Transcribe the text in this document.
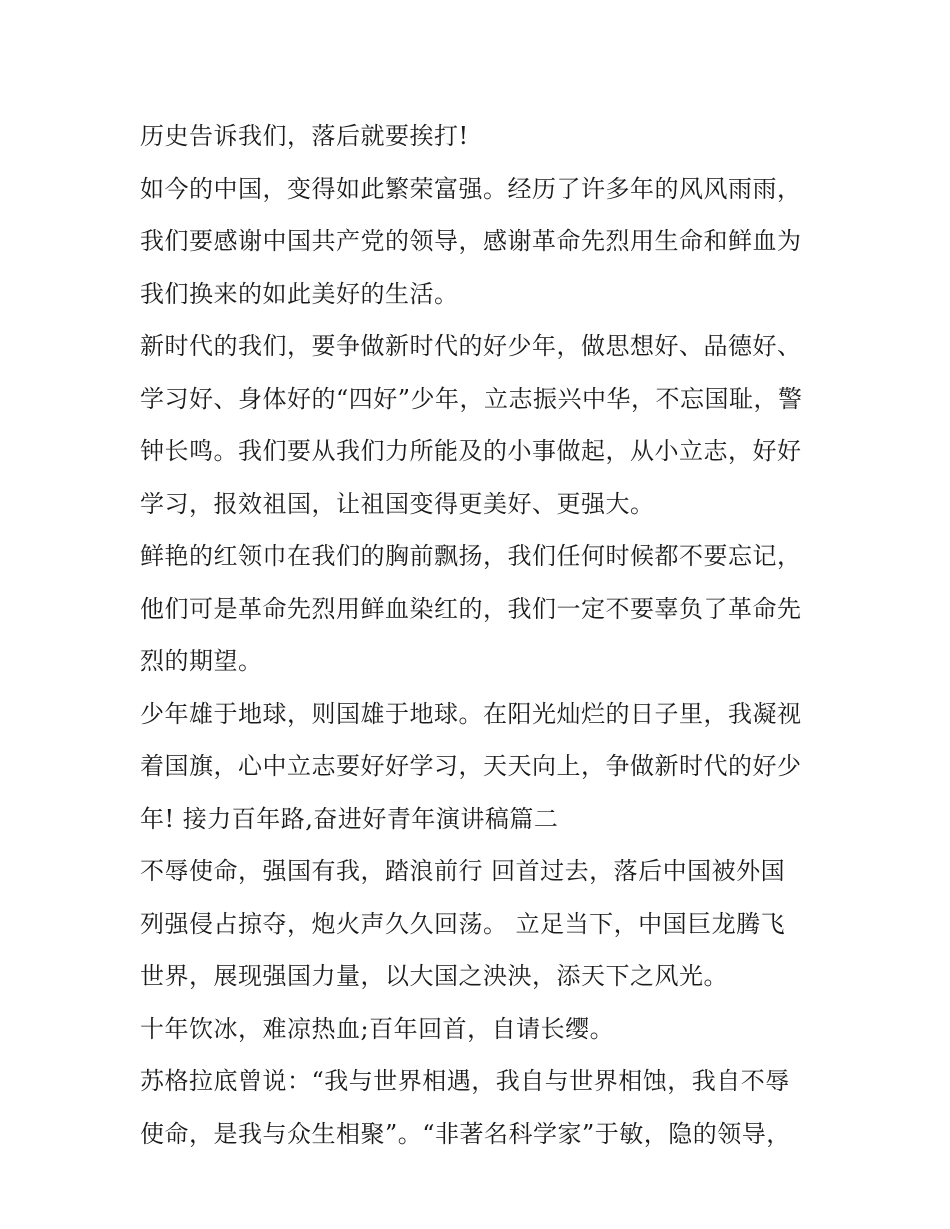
历史告诉我们，落后就要挨打!
如今的中国，变得如此繁荣富强。经历了许多年的风风雨雨，
我们要感谢中国共产党的领导，感谢革命先烈用生命和鲜血为
我们换来的如此美好的生活。
新时代的我们，要争做新时代的好少年，做思想好、品德好、
学习好、身体好的“四好”少年，立志振兴中华，不忘国耻，警
钟长鸣。我们要从我们力所能及的小事做起，从小立志，好好
学习，报效祖国，让祖国变得更美好、更强大。
鲜艳的红领巾在我们的胸前飘扬，我们任何时候都不要忘记，
他们可是革命先烈用鲜血染红的，我们一定不要辜负了革命先
烈的期望。
少年雄于地球，则国雄于地球。在阳光灿烂的日子里，我凝视
着国旗，心中立志要好好学习，天天向上，争做新时代的好少
年! 接力百年路,奋进好青年演讲稿篇二
不辱使命，强国有我，踏浪前行 回首过去，落后中国被外国
列强侵占掠夺，炮火声久久回荡。 立足当下，中国巨龙腾飞
世界，展现强国力量，以大国之泱泱，添天下之风光。
十年饮冰，难凉热血;百年回首，自请长缨。
苏格拉底曾说：“我与世界相遇，我自与世界相蚀，我自不辱
使命，是我与众生相聚”。“非著名科学家”于敏，隐的领导，
